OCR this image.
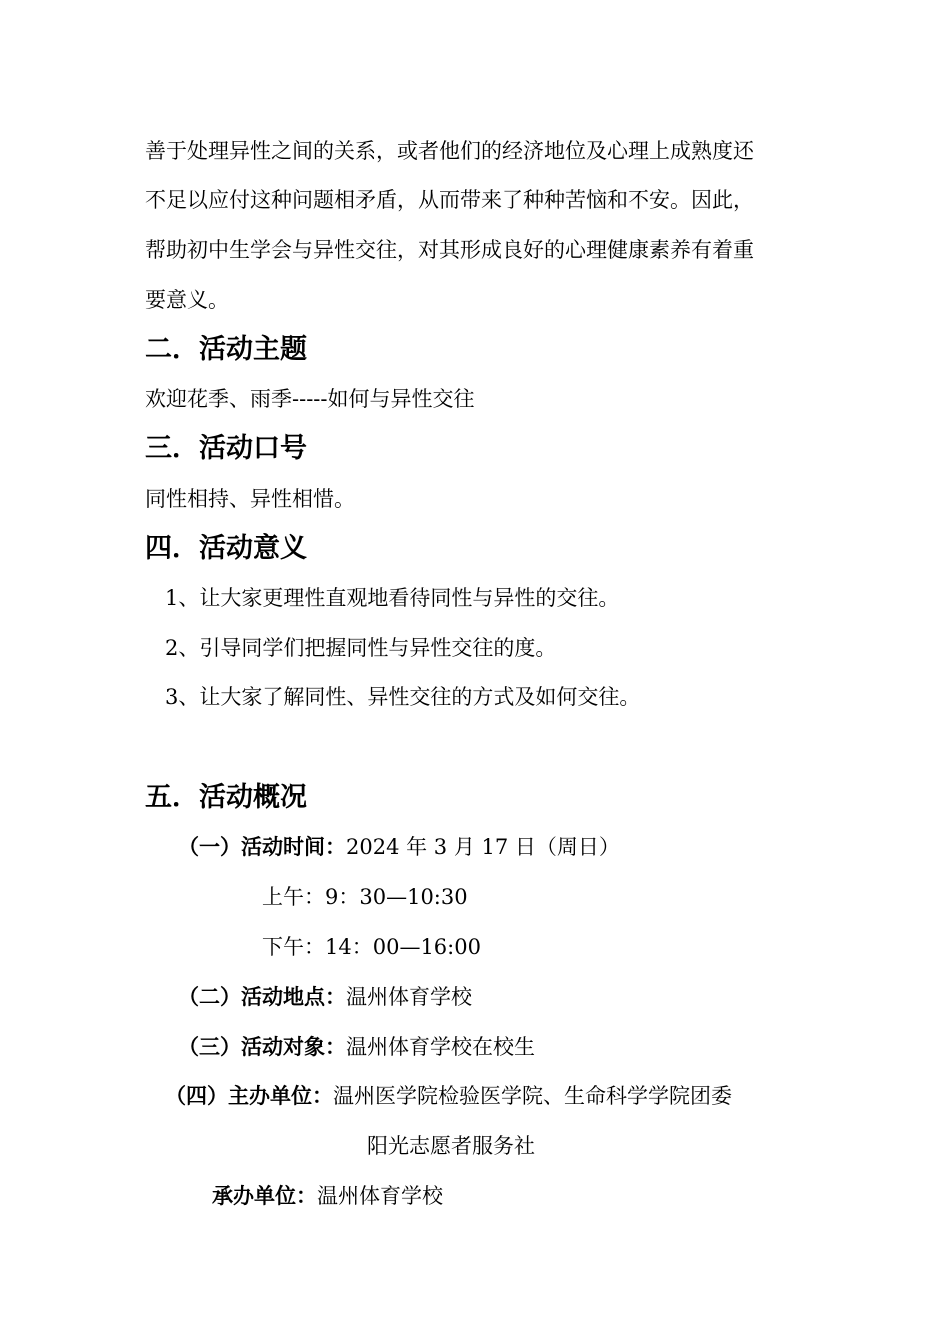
善于处理异性之间的关系，或者他们的经济地位及心理上成熟度还
不足以应付这种问题相矛盾，从而带来了种种苦恼和不安。因此，
帮助初中生学会与异性交往，对其形成良好的心理健康素养有着重
要意义。
二．活动主题
欢迎花季、雨季-----如何与异性交往
三．活动口号
同性相持、异性相惜。
四．活动意义
1、让大家更理性直观地看待同性与异性的交往。
2、引导同学们把握同性与异性交往的度。
3、让大家了解同性、异性交往的方式及如何交往。
五．活动概况
（一）活动时间：2024 年 3 月 17 日（周日）
上午：9：30—10:30
下午：14：00—16:00
（二）活动地点：温州体育学校
（三）活动对象：温州体育学校在校生
（四）主办单位：温州医学院检验医学院、生命科学学院团委
阳光志愿者服务社
承办单位：温州体育学校
